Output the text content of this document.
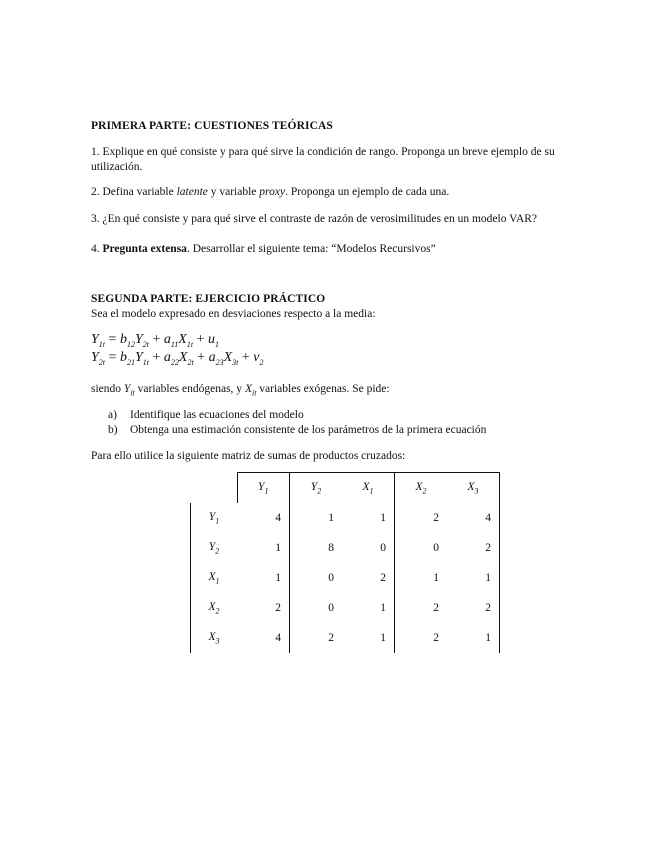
PRIMERA PARTE: CUESTIONES TEÓRICAS
1. Explique en qué consiste y para qué sirve la condición de rango. Proponga un breve ejemplo de su utilización.
2. Defina variable latente y variable proxy. Proponga un ejemplo de cada una.
3. ¿En qué consiste y para qué sirve el contraste de razón de verosimilitudes en un modelo VAR?
4. Pregunta extensa. Desarrollar el siguiente tema: “Modelos Recursivos”
SEGUNDA PARTE: EJERCICIO PRÁCTICO
Sea el modelo expresado en desviaciones respecto a la media:
$Y_{1t} = b_{12}Y_{2t} + a_{11}X_{1t} + u_1$
$Y_{2t} = b_{21}Y_{1t} + a_{22}X_{2t} + a_{23}X_{3t} + v_2$
siendo $Y_{it}$ variables endógenas, y $X_{it}$ variables exógenas. Se pide:
a) Identifique las ecuaciones del modelo
b) Obtenga una estimación consistente de los parámetros de la primera ecuación
Para ello utilice la siguiente matriz de sumas de productos cruzados:
	$Y_1$	$Y_2$	$X_1$	$X_2$	$X_3$
$Y_1$	4	1	1	2	4
$Y_2$	1	8	0	0	2
$X_1$	1	0	2	1	1
$X_2$	2	0	1	2	2
$X_3$	4	2	1	2	1
